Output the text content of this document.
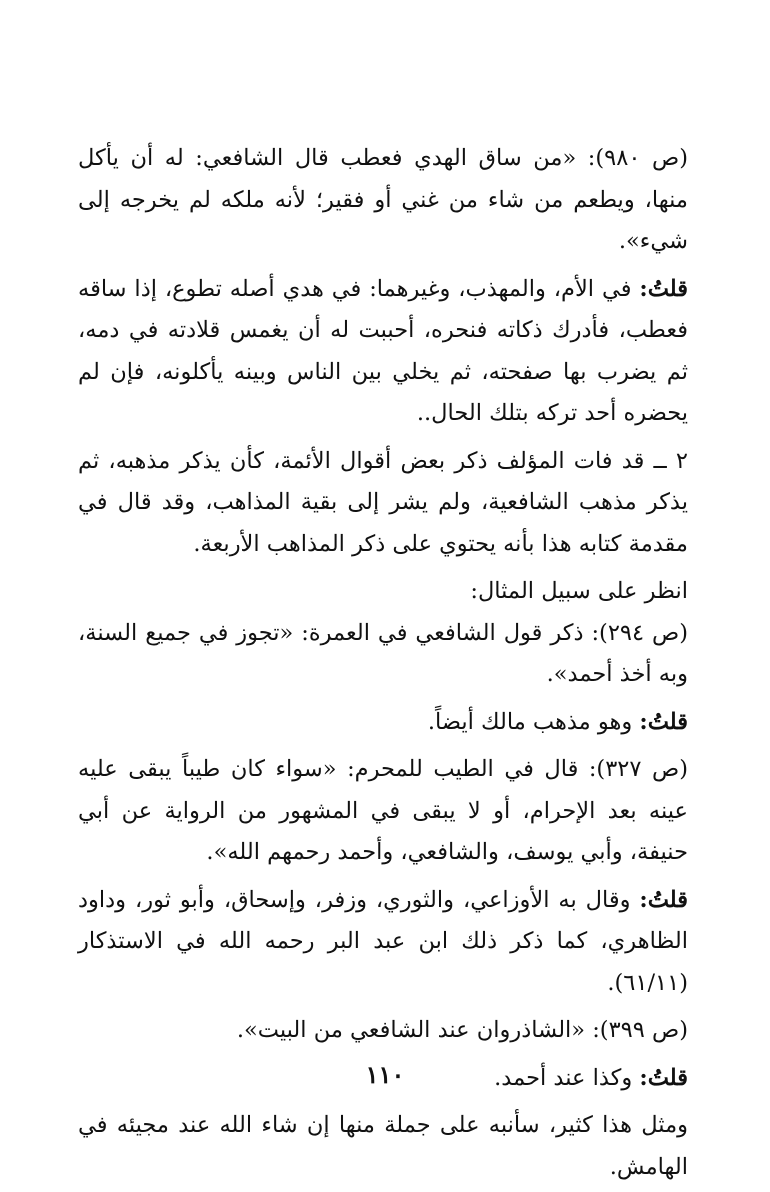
(ص ٩٨٠): «من ساق الهدي فعطب قال الشافعي: له أن يأكل منها، ويطعم من شاء من غني أو فقير؛ لأنه ملكه لم يخرجه إلى شيء».

قلتُ: في الأم، والمهذب، وغيرهما: في هدي أصله تطوع، إذا ساقه فعطب، فأدرك ذكاته فنحره، أحببت له أن يغمس قلادته في دمه، ثم يضرب بها صفحته، ثم يخلي بين الناس وبينه يأكلونه، فإن لم يحضره أحد تركه بتلك الحال..

٢ ــ قد فات المؤلف ذكر بعض أقوال الأئمة، كأن يذكر مذهبه، ثم يذكر مذهب الشافعية، ولم يشر إلى بقية المذاهب، وقد قال في مقدمة كتابه هذا بأنه يحتوي على ذكر المذاهب الأربعة.

انظر على سبيل المثال:

(ص ٢٩٤): ذكر قول الشافعي في العمرة: «تجوز في جميع السنة، وبه أخذ أحمد».

قلتُ: وهو مذهب مالك أيضاً.

(ص ٣٢٧): قال في الطيب للمحرم: «سواء كان طيباً يبقى عليه عينه بعد الإحرام، أو لا يبقى في المشهور من الرواية عن أبي حنيفة، وأبي يوسف، والشافعي، وأحمد رحمهم الله».

قلتُ: وقال به الأوزاعي، والثوري، وزفر، وإسحاق، وأبو ثور، وداود الظاهري، كما ذكر ذلك ابن عبد البر رحمه الله في الاستذكار (٦١/١١).

(ص ٣٩٩): «الشاذروان عند الشافعي من البيت».

قلتُ: وكذا عند أحمد.

ومثل هذا كثير، سأنبه على جملة منها إن شاء الله عند مجيئه في الهامش.

١١٠
